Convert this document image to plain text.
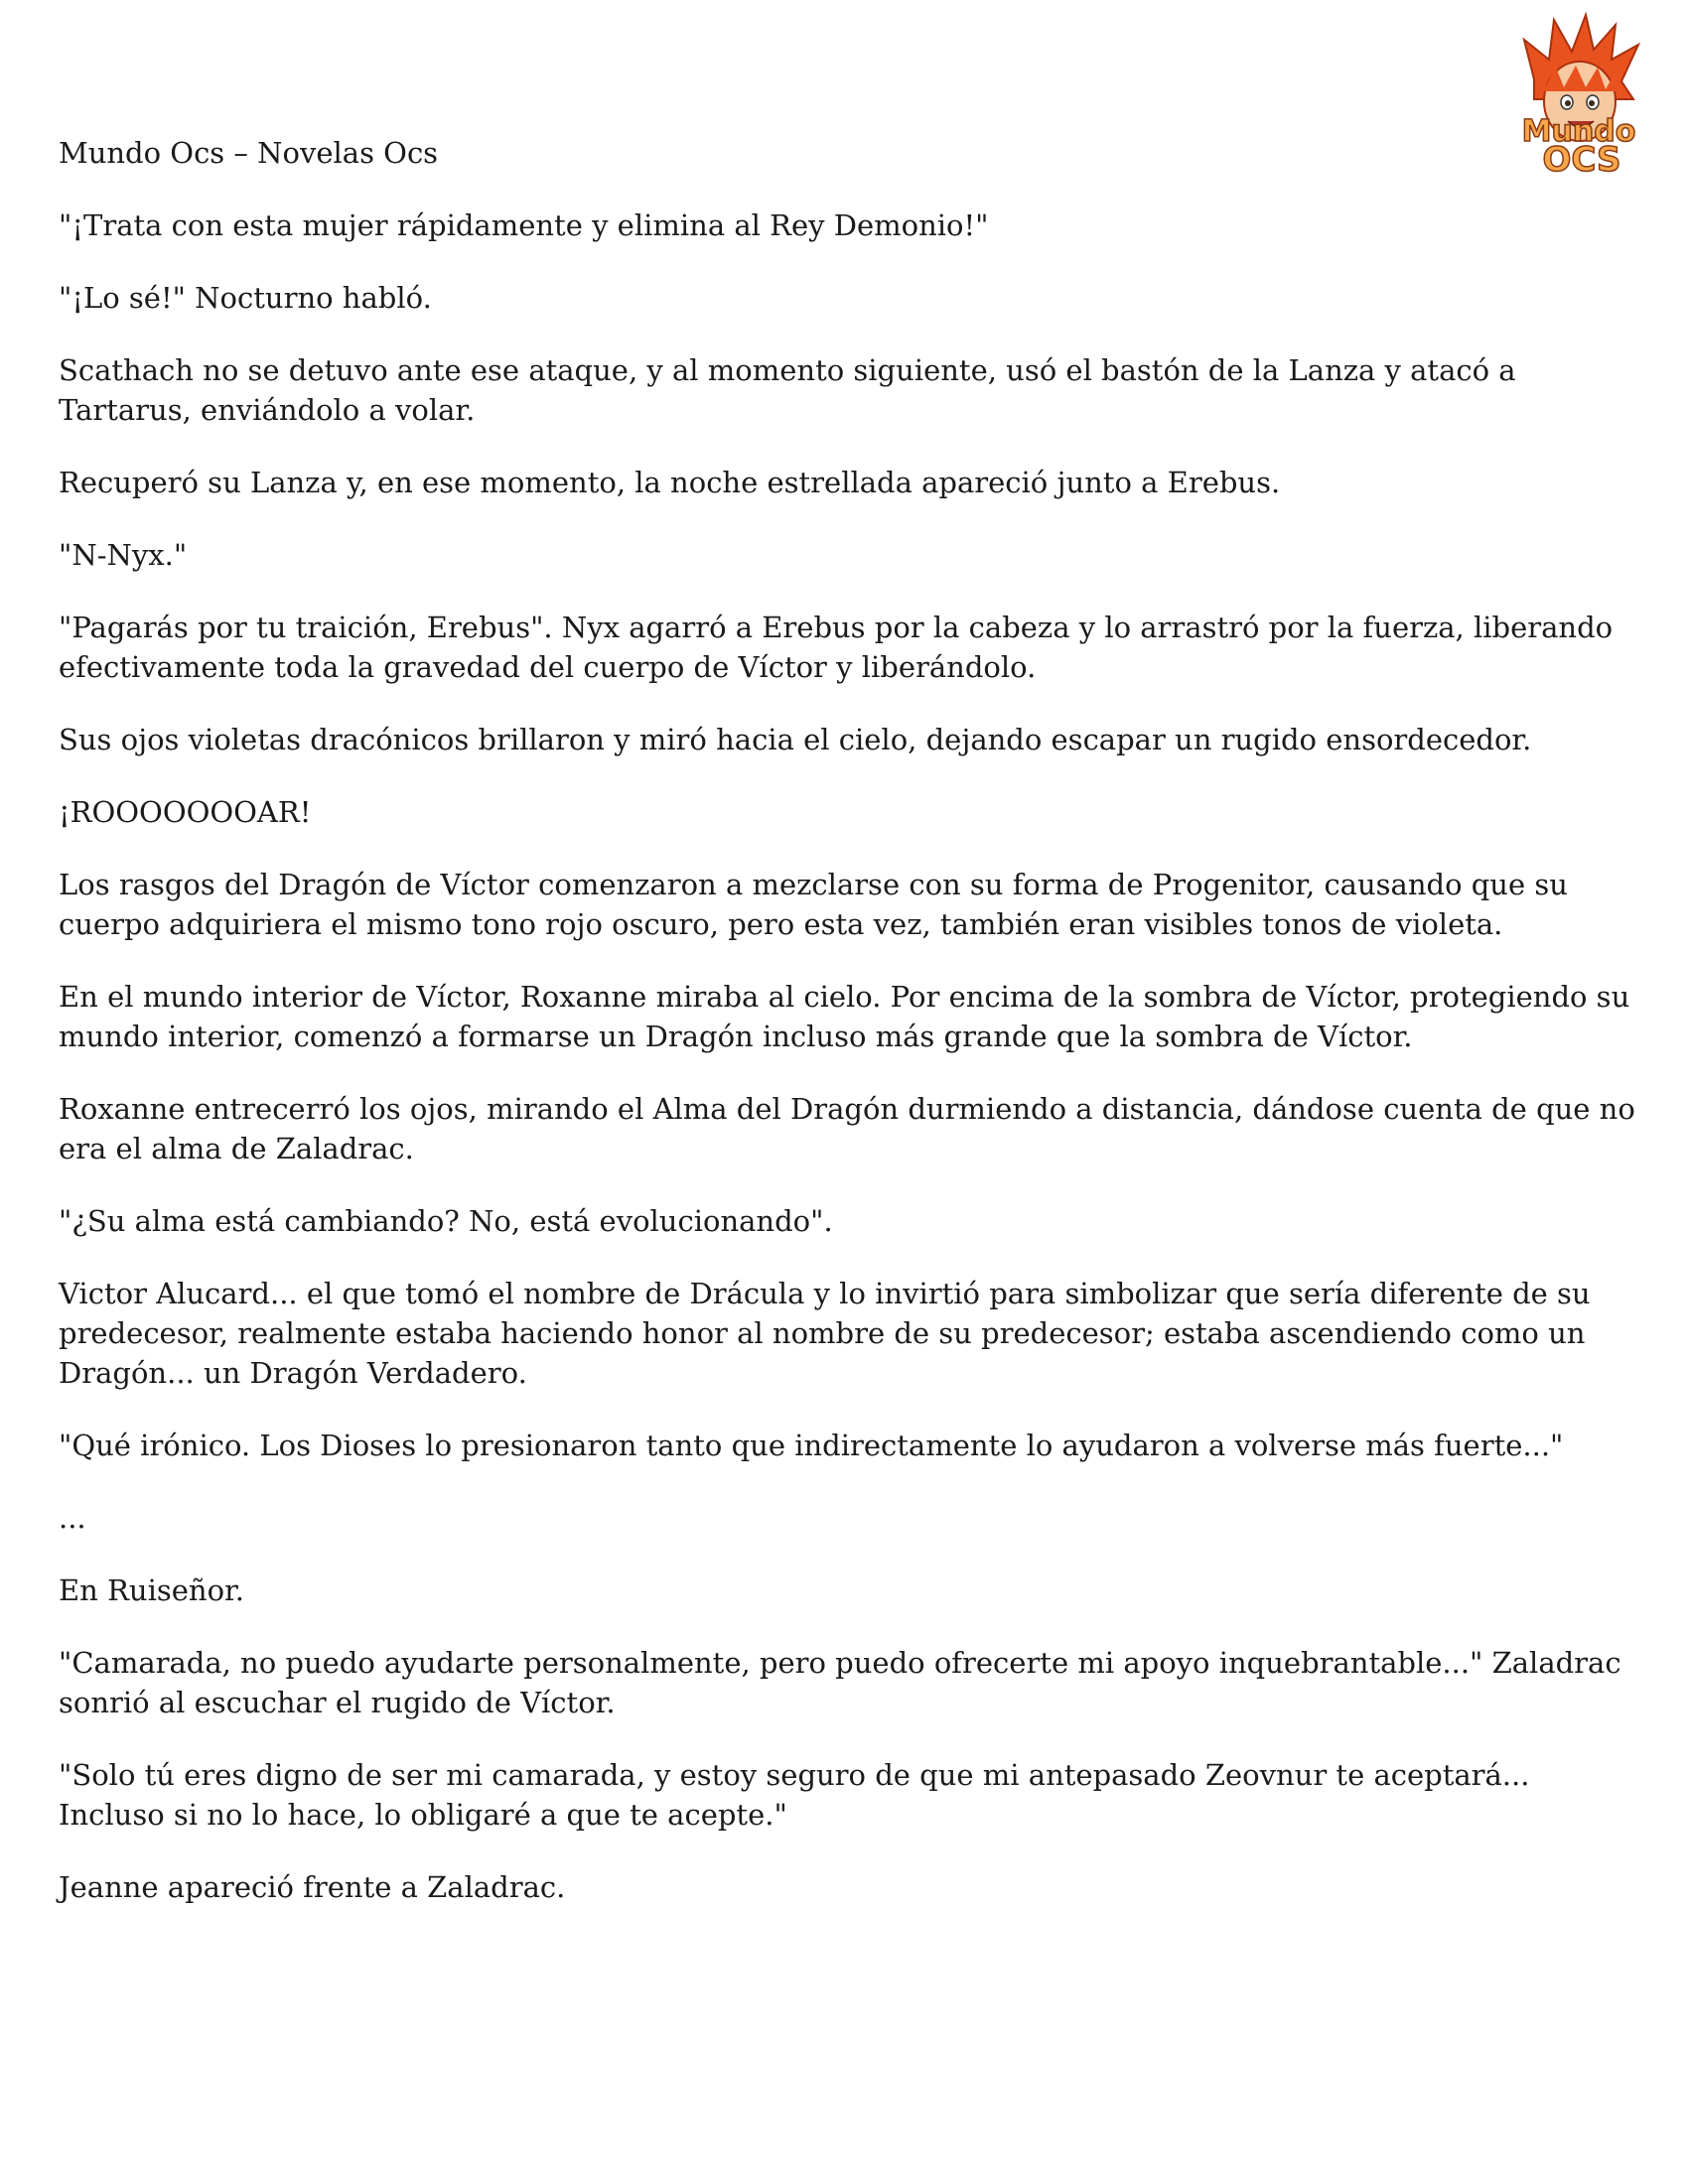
Mundo
OCS

Mundo Ocs – Novelas Ocs

"¡Trata con esta mujer rápidamente y elimina al Rey Demonio!"

"¡Lo sé!" Nocturno habló.

Scathach no se detuvo ante ese ataque, y al momento siguiente, usó el bastón de la Lanza y atacó a Tartarus, enviándolo a volar.

Recuperó su Lanza y, en ese momento, la noche estrellada apareció junto a Erebus.

"N-Nyx."

"Pagarás por tu traición, Erebus". Nyx agarró a Erebus por la cabeza y lo arrastró por la fuerza, liberando efectivamente toda la gravedad del cuerpo de Víctor y liberándolo.

Sus ojos violetas dracónicos brillaron y miró hacia el cielo, dejando escapar un rugido ensordecedor.

¡ROOOOOOOAR!

Los rasgos del Dragón de Víctor comenzaron a mezclarse con su forma de Progenitor, causando que su cuerpo adquiriera el mismo tono rojo oscuro, pero esta vez, también eran visibles tonos de violeta.

En el mundo interior de Víctor, Roxanne miraba al cielo. Por encima de la sombra de Víctor, protegiendo su mundo interior, comenzó a formarse un Dragón incluso más grande que la sombra de Víctor.

Roxanne entrecerró los ojos, mirando el Alma del Dragón durmiendo a distancia, dándose cuenta de que no era el alma de Zaladrac.

"¿Su alma está cambiando? No, está evolucionando".

Victor Alucard... el que tomó el nombre de Drácula y lo invirtió para simbolizar que sería diferente de su predecesor, realmente estaba haciendo honor al nombre de su predecesor; estaba ascendiendo como un Dragón... un Dragón Verdadero.

"Qué irónico. Los Dioses lo presionaron tanto que indirectamente lo ayudaron a volverse más fuerte..."

...

En Ruiseñor.

"Camarada, no puedo ayudarte personalmente, pero puedo ofrecerte mi apoyo inquebrantable..." Zaladrac sonrió al escuchar el rugido de Víctor.

"Solo tú eres digno de ser mi camarada, y estoy seguro de que mi antepasado Zeovnur te aceptará... Incluso si no lo hace, lo obligaré a que te acepte."

Jeanne apareció frente a Zaladrac.
